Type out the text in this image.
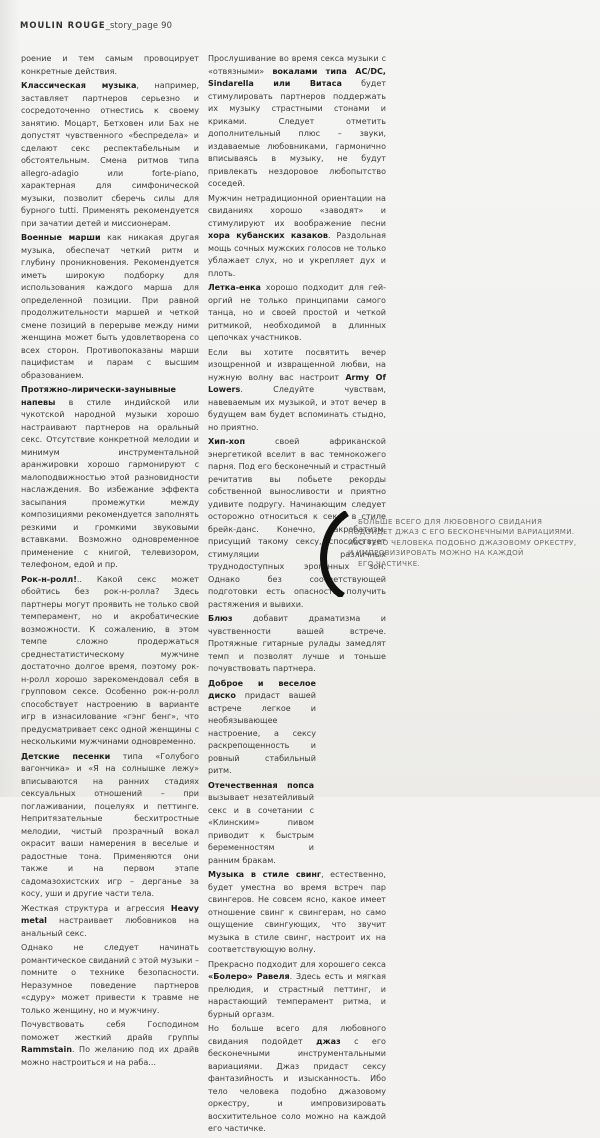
MOULIN ROUGE_story_page 90

роение и тем самым провоцирует конкретные действия.

Классическая музыка, например, заставляет партнеров серьезно и сосредоточенно отнестись к своему занятию. Моцарт, Бетховен или Бах не допустят чувственного «беспредела» и сделают секс респектабельным и обстоятельным. Смена ритмов типа allegro-adagio или forte-piano, характерная для симфонической музыки, позволит сберечь силы для бурного tutti. Применять рекомендуется при зачатии детей и миссионерам.

Военные марши как никакая другая музыка, обеспечат четкий ритм и глубину проникновения. Рекомендуется иметь широкую подборку для использования каждого марша для определенной позиции. При равной продолжительности маршей и четкой смене позиций в перерыве между ними женщина может быть удовлетворена со всех сторон. Противопоказаны марши пацифистам и парам с высшим образованием.

Протяжно-лирически-заунывные напевы в стиле индийской или чукотской народной музыки хорошо настраивают партнеров на оральный секс. Отсутствие конкретной мелодии и минимум инструментальной аранжировки хорошо гармонируют с малоподвижностью этой разновидности наслаждения. Во избежание эффекта засыпания промежутки между композициями рекомендуется заполнять резкими и громкими звуковыми вставками. Возможно одновременное применение с книгой, телевизором, телефоном, едой и пр.

Рок-н-ролл!.. Какой секс может обойтись без рок-н-ролла? Здесь партнеры могут проявить не только свой темперамент, но и акробатические возможности. К сожалению, в этом темпе сложно продержаться среднестатистическому мужчине достаточно долгое время, поэтому рок-н-ролл хорошо зарекомендовал себя в групповом сексе. Особенно рок-н-ролл способствует настроению в варианте игр в изнасилование «гэнг бенг», что предусматривает секс одной женщины с несколькими мужчинами одновременно.

Детские песенки типа «Голубого вагончика» и «Я на солнышке лежу» вписываются на ранних стадиях сексуальных отношений – при поглаживании, поцелуях и петтинге. Непритязательные бесхитростные мелодии, чистый прозрачный вокал окрасит ваши намерения в веселые и радостные тона. Применяются они также и на первом этапе садомазохистских игр – дерганье за косу, уши и другие части тела.

Жесткая структура и агрессия Heavy metal настраивает любовников на анальный секс.

Однако не следует начинать романтическое свиданий с этой музыки – помните о технике безопасности. Неразумное поведение партнеров «сдуру» может привести к травме не только женщину, но и мужчину.

Почувствовать себя Господином поможет жесткий драйв группы Rammstain. По желанию под их драйв можно настроиться и на раба...

Прослушивание во время секса музыки с «отвязными» вокалами типа AC/DC, Sindarella или Витаса будет стимулировать партнеров поддержать их музыку страстными стонами и криками. Следует отметить дополнительный плюс – звуки, издаваемые любовниками, гармонично вписываясь в музыку, не будут привлекать нездоровое любопытство соседей.

Мужчин нетрадиционной ориентации на свиданиях хорошо «заводят» и стимулируют их воображение песни хора кубанских казаков. Раздольная мощь сочных мужских голосов не только ублажает слух, но и укрепляет дух и плоть.

Летка-енка хорошо подходит для гей-оргий не только принципами самого танца, но и своей простой и четкой ритмикой, необходимой в длинных цепочках участников.

Если вы хотите посвятить вечер изощренной и извращенной любви, на нужную волну вас настроит Army Of Lowers. Следуйте чувствам, навеваемым их музыкой, и этот вечер в будущем вам будет вспоминать стыдно, но приятно.

Хип-хоп своей африканской энергетикой вселит в вас темнокожего парня. Под его бесконечный и страстный речитатив вы побьете рекорды собственной выносливости и приятно удивите подругу. Начинающим следует осторожно относиться к сексу в стиле брейк-данс. Конечно, акробатизм, присущий такому сексу, способствует стимуляции различных труднодоступных эрогенных зон. Однако без соответствующей подготовки есть опасность получить растяжения и вывихи.

Блюз добавит драматизма и чувственности вашей встрече. Протяжные гитарные рулады замедлят темп и позволят лучше и тоньше почувствовать партнера.

Доброе и веселое диско придаст вашей встрече легкое и необязывающее настроение, а сексу раскрепощенность и ровный стабильный ритм.

Отечественная попса вызывает незатейливый секс и в сочетании с «Клинским» пивом приводит к быстрым беременностям и ранним бракам.

Музыка в стиле свинг, естественно, будет уместна во время встреч пар свингеров. Не совсем ясно, какое имеет отношение свинг к свингерам, но само ощущение свингующих, что звучит музыка в стиле свинг, настроит их на соответствующую волну.

Прекрасно подходит для хорошего секса «Болеро» Равеля. Здесь есть и мягкая прелюдия, и страстный петтинг, и нарастающий темперамент ритма, и бурный оргазм.

Но больше всего для любовного свидания подойдет джаз с его бесконечными инструментальными вариациями. Джаз придаст сексу фантазийность и изысканность. Ибо тело человека подобно джазовому оркестру, и импровизировать восхитительное соло можно на каждой его частичке.

БОЛЬШЕ ВСЕГО ДЛЯ ЛЮБОВНОГО СВИДАНИЯ
ПОДОЙДЕТ ДЖАЗ С ЕГО БЕСКОНЕЧНЫМИ ВАРИАЦИЯМИ.
ИБО ТЕЛО ЧЕЛОВЕКА ПОДОБНО ДЖАЗОВОМУ ОРКЕСТРУ,
И ИМПРОВИЗИРОВАТЬ МОЖНО НА КАЖДОЙ
ЕГО ЧАСТИЧКЕ.
